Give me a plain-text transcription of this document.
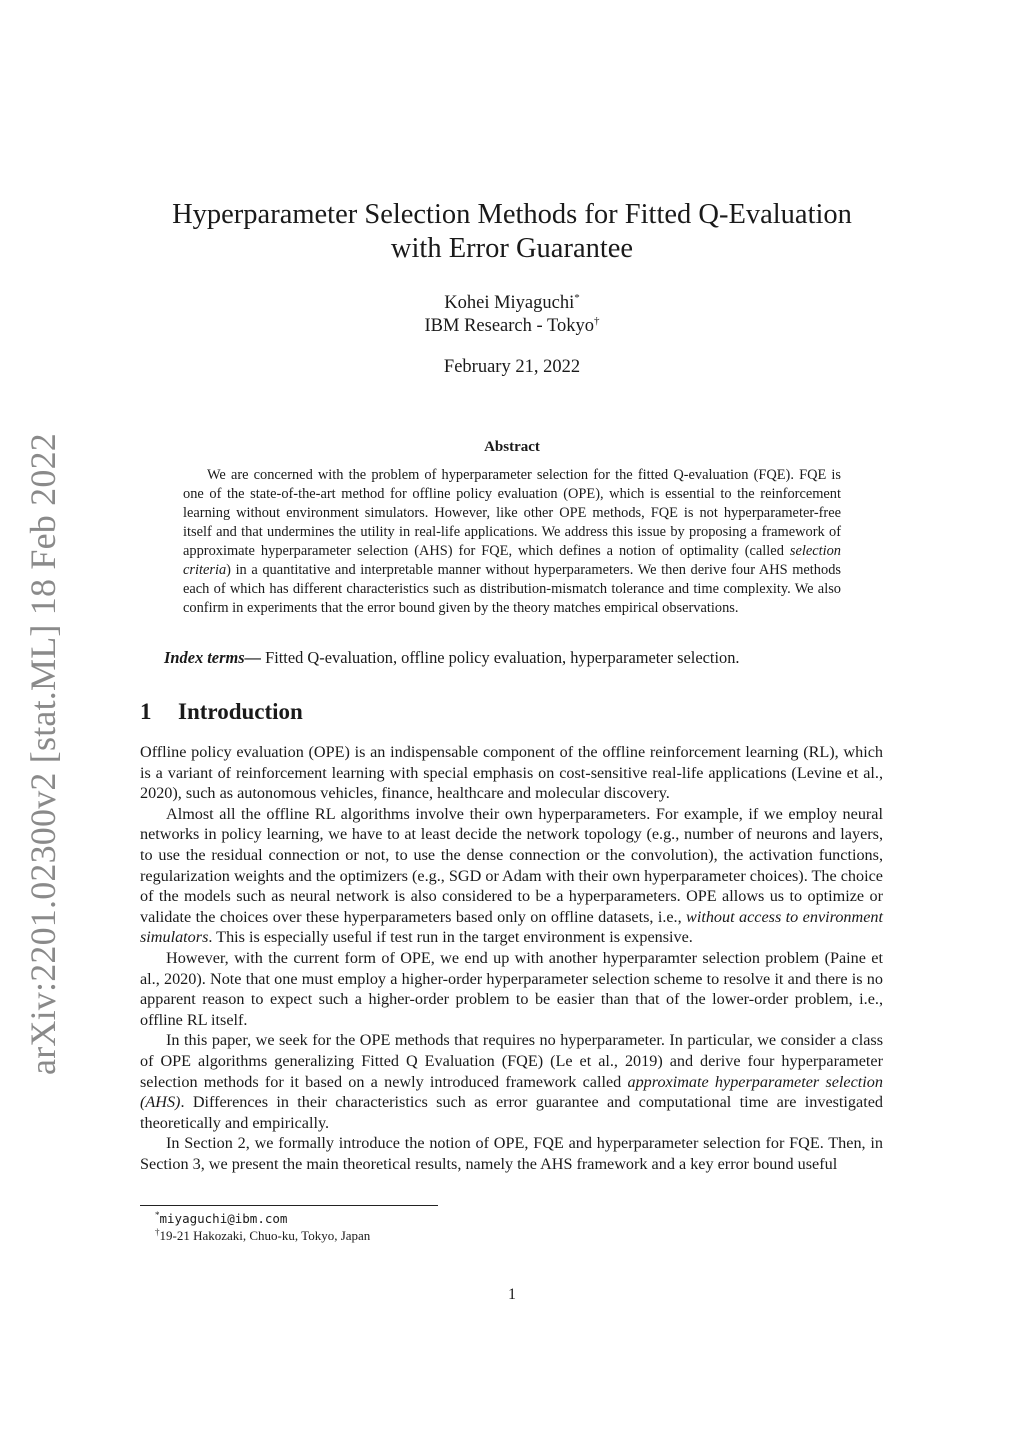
arXiv:2201.02300v2 [stat.ML] 18 Feb 2022
Hyperparameter Selection Methods for Fitted Q-Evaluation
with Error Guarantee
Kohei Miyaguchi*
IBM Research - Tokyo†
February 21, 2022
Abstract

We are concerned with the problem of hyperparameter selection for the fitted Q-evaluation (FQE). FQE is one of the state-of-the-art method for offline policy evaluation (OPE), which is essential to the reinforcement learning without environment simulators. However, like other OPE methods, FQE is not hyperparameter-free itself and that undermines the utility in real-life applications. We address this issue by proposing a framework of approximate hyperparameter selection (AHS) for FQE, which defines a notion of optimality (called selection criteria) in a quantitative and interpretable manner without hyperparameters. We then derive four AHS methods each of which has different characteristics such as distribution-mismatch tolerance and time complexity. We also confirm in experiments that the error bound given by the theory matches empirical observations.

Index terms— Fitted Q-evaluation, offline policy evaluation, hyperparameter selection.
1 Introduction

Offline policy evaluation (OPE) is an indispensable component of the offline reinforcement learning (RL), which is a variant of reinforcement learning with special emphasis on cost-sensitive real-life applications (Levine et al., 2020), such as autonomous vehicles, finance, healthcare and molecular discovery.

Almost all the offline RL algorithms involve their own hyperparameters. For example, if we employ neural networks in policy learning, we have to at least decide the network topology (e.g., number of neurons and layers, to use the residual connection or not, to use the dense connection or the convolution), the activation functions, regularization weights and the optimizers (e.g., SGD or Adam with their own hyperparameter choices). The choice of the models such as neural network is also considered to be a hyperparameters. OPE allows us to optimize or validate the choices over these hyperparameters based only on offline datasets, i.e., without access to environment simulators. This is especially useful if test run in the target environment is expensive.

However, with the current form of OPE, we end up with another hyperparamter selection problem (Paine et al., 2020). Note that one must employ a higher-order hyperparameter selection scheme to resolve it and there is no apparent reason to expect such a higher-order problem to be easier than that of the lower-order problem, i.e., offline RL itself.

In this paper, we seek for the OPE methods that requires no hyperparameter. In particular, we consider a class of OPE algorithms generalizing Fitted Q Evaluation (FQE) (Le et al., 2019) and derive four hyperparameter selection methods for it based on a newly introduced framework called approximate hyperparameter selection (AHS). Differences in their characteristics such as error guarantee and computational time are investigated theoretically and empirically.

In Section 2, we formally introduce the notion of OPE, FQE and hyperparameter selection for FQE. Then, in Section 3, we present the main theoretical results, namely the AHS framework and a key error bound useful

*miyaguchi@ibm.com
†19-21 Hakozaki, Chuo-ku, Tokyo, Japan
1
